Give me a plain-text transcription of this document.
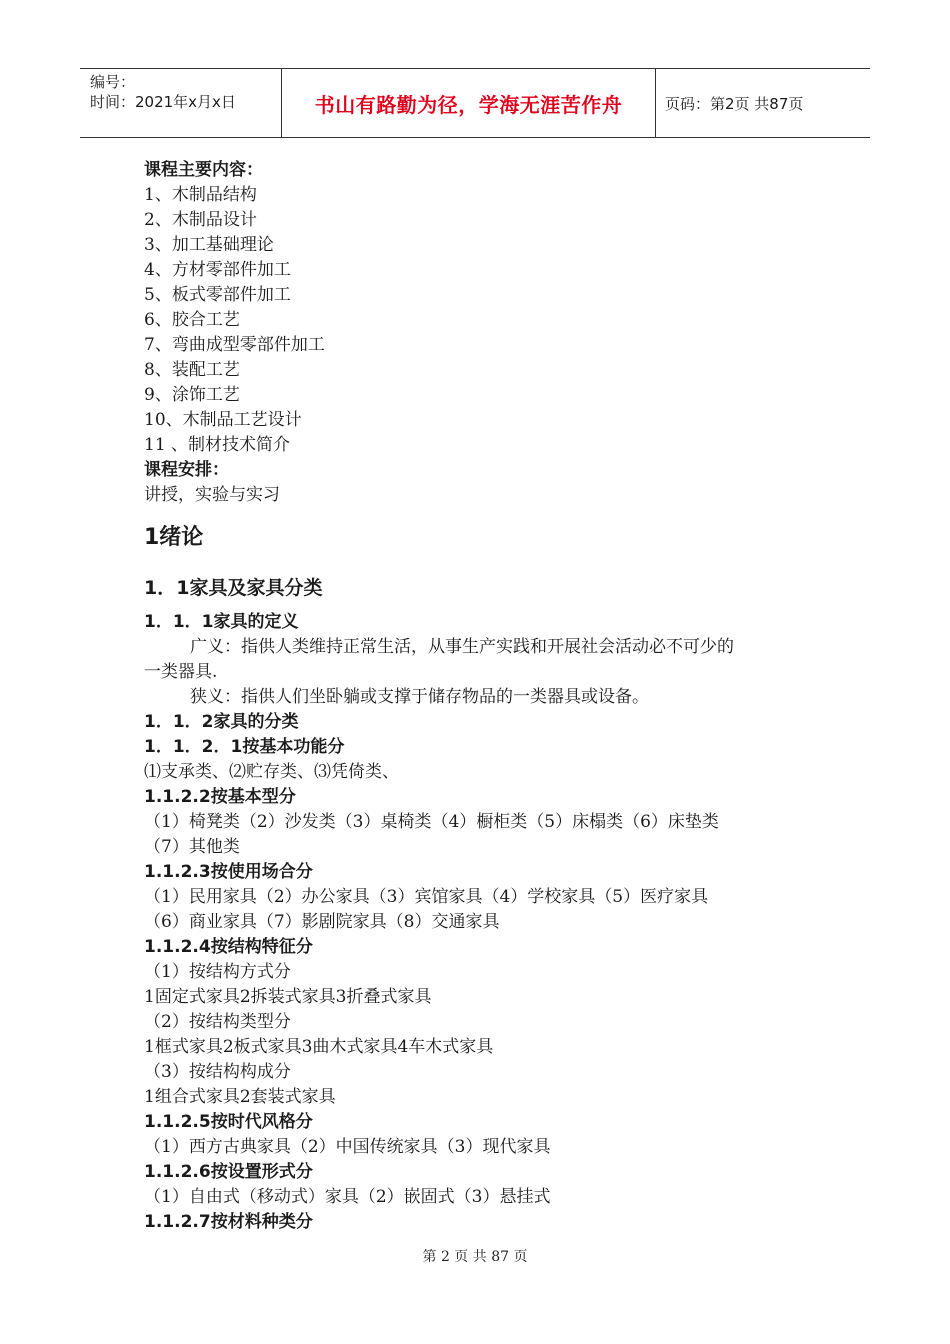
编号：
时间：2021年x月x日	书山有路勤为径，学海无涯苦作舟	页码：第2页 共87页
课程主要内容：
1、木制品结构
2、木制品设计
3、加工基础理论
4、方材零部件加工
5、板式零部件加工
6、胶合工艺
7、弯曲成型零部件加工
8、装配工艺
9、涂饰工艺
10、木制品工艺设计
11 、制材技术简介
课程安排：
讲授，实验与实习
1绪论
1．1家具及家具分类
1．1．1家具的定义
广义：指供人类维持正常生活，从事生产实践和开展社会活动必不可少的
一类器具.
狭义：指供人们坐卧躺或支撑于储存物品的一类器具或设备。
1．1．2家具的分类
1．1．2．1按基本功能分
⑴支承类、⑵贮存类、⑶凭倚类、
1.1.2.2按基本型分
（1）椅凳类（2）沙发类（3）桌椅类（4）橱柜类（5）床榻类（6）床垫类
（7）其他类
1.1.2.3按使用场合分
（1）民用家具（2）办公家具（3）宾馆家具（4）学校家具（5）医疗家具
（6）商业家具（7）影剧院家具（8）交通家具
1.1.2.4按结构特征分
（1）按结构方式分
1固定式家具2拆装式家具3折叠式家具
（2）按结构类型分
1框式家具2板式家具3曲木式家具4车木式家具
（3）按结构构成分
1组合式家具2套装式家具
1.1.2.5按时代风格分
（1）西方古典家具（2）中国传统家具（3）现代家具
1.1.2.6按设置形式分
（1）自由式（移动式）家具（2）嵌固式（3）悬挂式
1.1.2.7按材料种类分
第 2 页 共 87 页
